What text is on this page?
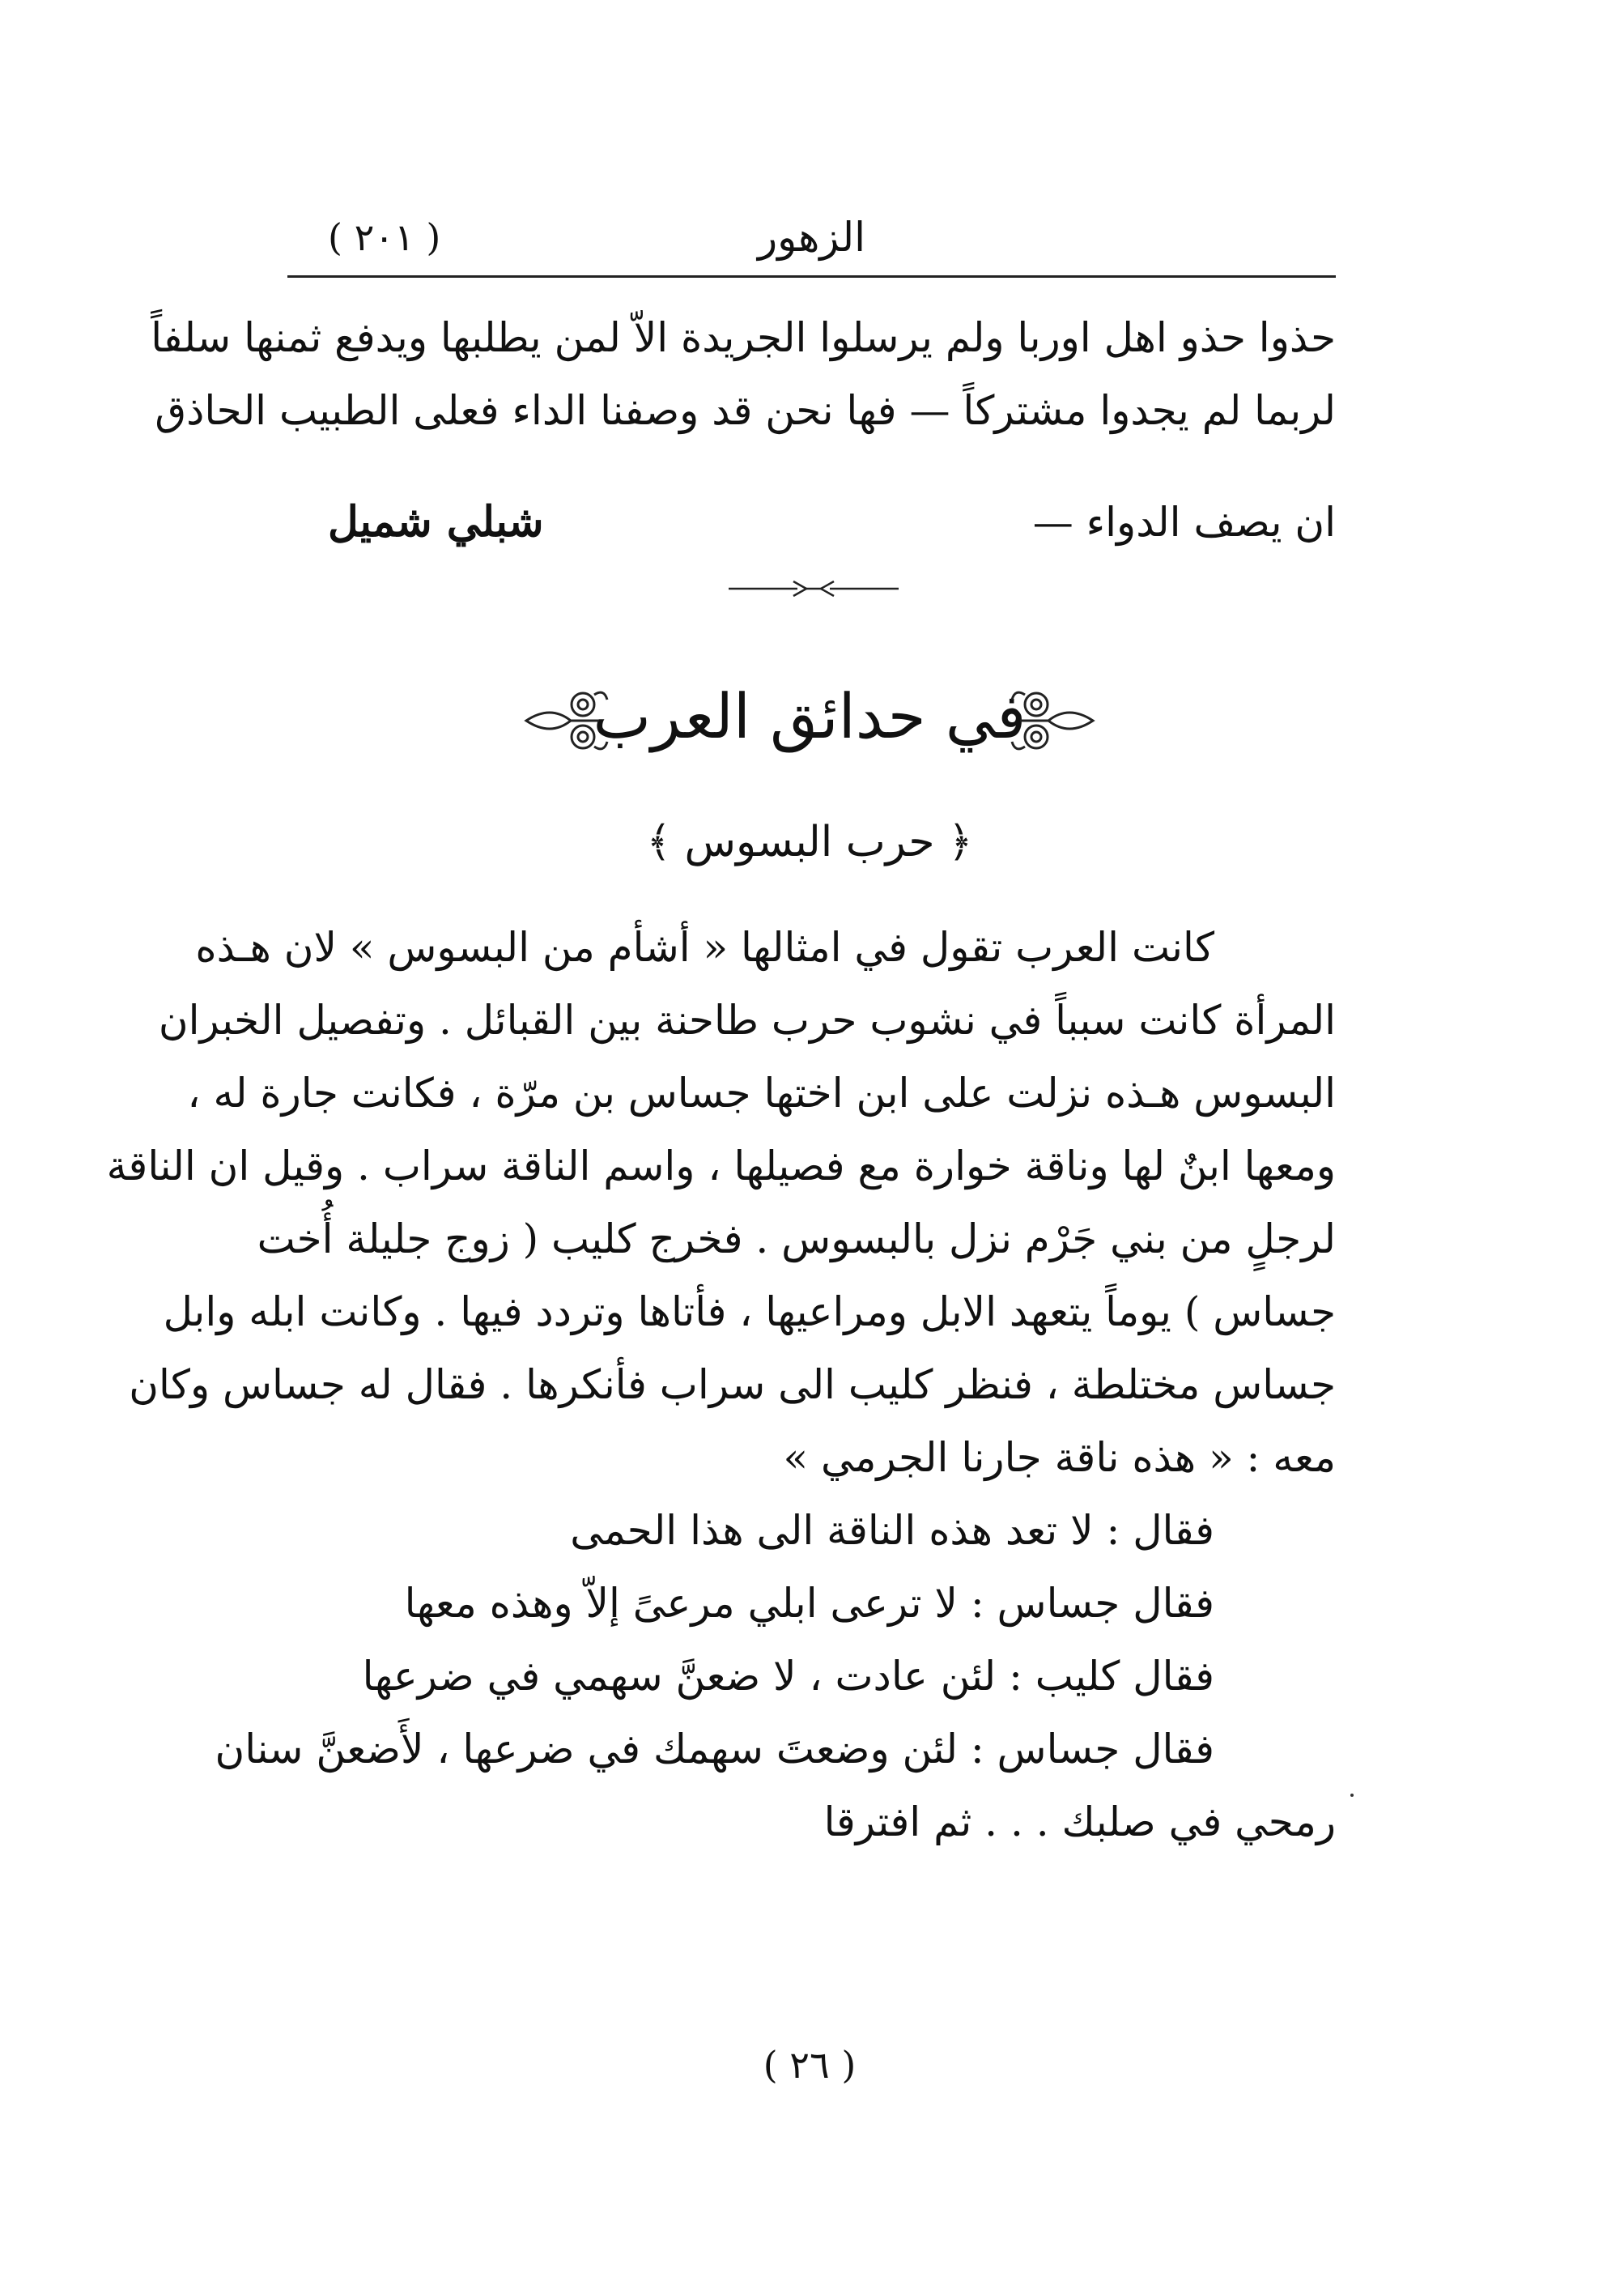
الزهور
( ٢٠١ )
حذوا حذو اهل اوربا ولم يرسلوا الجريدة الاّ لمن يطلبها ويدفع ثمنها سلفاً
لربما لم يجدوا مشتركاً — فها نحن قد وصفنا الداء فعلى الطبيب الحاذق
ان يصف الدواء —
شبلي شميل
في حدائق العرب
﴿ حرب البسوس ﴾
كانت العرب تقول في امثالها « أشأم من البسوس » لان هـذه
المرأة كانت سبباً في نشوب حرب طاحنة بين القبائل . وتفصيل الخبران
البسوس هـذه نزلت على ابن اختها جساس بن مرّة ، فكانت جارة له ،
ومعها ابنٌ لها وناقة خوارة مع فصيلها ، واسم الناقة سراب . وقيل ان الناقة
لرجلٍ من بني جَرْم نزل بالبسوس . فخرج كليب ( زوج جليلة أُخت
جساس ) يوماً يتعهد الابل ومراعيها ، فأتاها وتردد فيها . وكانت ابله وابل
جساس مختلطة ، فنظر كليب الى سراب فأنكرها . فقال له جساس وكان
معه : « هذه ناقة جارنا الجرمي »
فقال : لا تعد هذه الناقة الى هذا الحمى
فقال جساس : لا ترعى ابلي مرعىً إلاّ وهذه معها
فقال كليب : لئن عادت ، لا ضعنَّ سهمي في ضرعها
فقال جساس : لئن وضعتَ سهمك في ضرعها ، لأَضعنَّ سنان
رمحي في صلبك . . . ثم افترقا
( ٢٦ )
